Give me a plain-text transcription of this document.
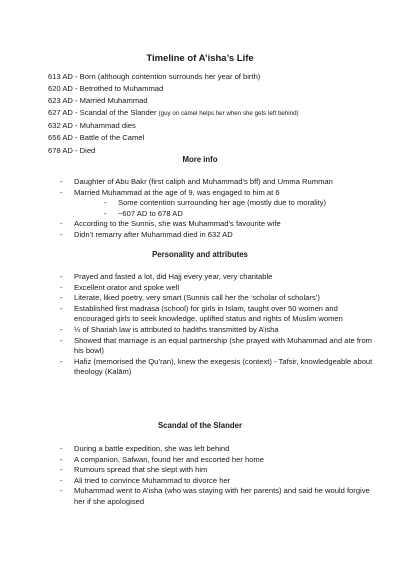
Timeline of A’isha’s Life
613 AD - Born (although contention surrounds her year of birth)
620 AD - Betrothed to Muhammad
623 AD - Married Muhammad
627 AD - Scandal of the Slander (guy on camel helps her when she gets left behind)
632 AD - Muhammad dies
656 AD - Battle of the Camel
678 AD - Died
More info
- Daughter of Abu Bakr (first caliph and Muhammad’s bff) and Umma Rumman
- Married Muhammad at the age of 9, was engaged to him at 6
- Some contention surrounding her age (mostly due to morality)
- ~607 AD to 678 AD
- According to the Sunnis, she was Muhammad’s favourite wife
- Didn’t remarry after Muhammad died in 632 AD
Personality and attributes
- Prayed and fasted a lot, did Hajj every year, very charitable
- Excellent orator and spoke well
- Literate, liked poetry, very smart (Sunnis call her the ‘scholar of scholars’)
- Established first madrasa (school) for girls in Islam, taught over 50 women and encouraged girls to seek knowledge, uplifted status and rights of Muslim women
- ¼ of Shariah law is attributed to hadiths transmitted by A’isha
- Showed that marriage is an equal partnership (she prayed with Muhammad and ate from his bowl)
- Hafiz (memorised the Qu’ran), knew the exegesis (context) - Tafsir, knowledgeable about theology (Kalām)
Scandal of the Slander
- During a battle expedition, she was left behind
- A companion, Safwan, found her and escorted her home
- Rumours spread that she slept with him
- Ali tried to convince Muhammad to divorce her
- Muhammad went to A’isha (who was staying with her parents) and said he would forgive her if she apologised
